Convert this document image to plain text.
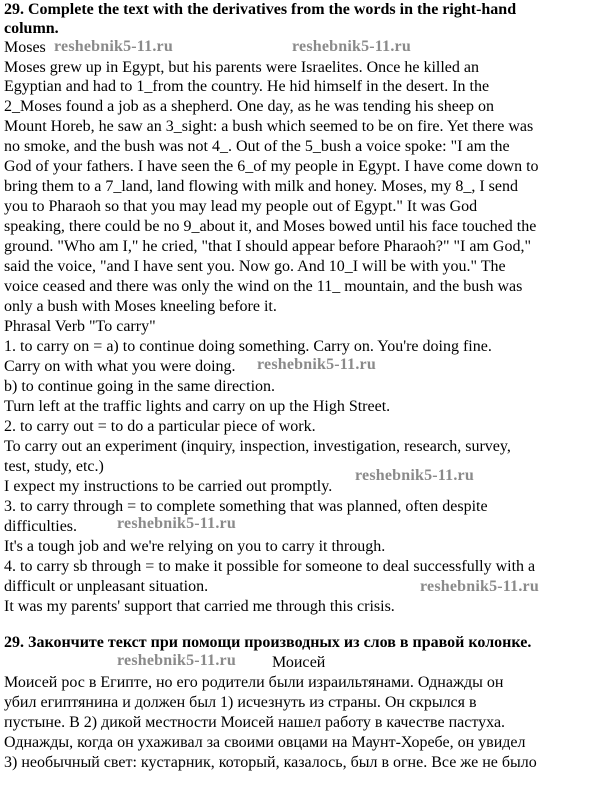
29. Complete the text with the derivatives from the words in the right-hand
column.
Moses
Moses grew up in Egypt, but his parents were Israelites. Once he killed an
Egyptian and had to 1_from the country. He hid himself in the desert. In the
2_Moses found a job as a shepherd. One day, as he was tending his sheep on
Mount Horeb, he saw an 3_sight: a bush which seemed to be on fire. Yet there was
no smoke, and the bush was not 4_. Out of the 5_bush a voice spoke: "I am the
God of your fathers. I have seen the 6_of my people in Egypt. I have come down to
bring them to a 7_land, land flowing with milk and honey. Moses, my 8_, I send
you to Pharaoh so that you may lead my people out of Egypt." It was God
speaking, there could be no 9_about it, and Moses bowed until his face touched the
ground. "Who am I," he cried, "that I should appear before Pharaoh?" "I am God,"
said the voice, "and I have sent you. Now go. And 10_I will be with you." The
voice ceased and there was only the wind on the 11_ mountain, and the bush was
only a bush with Moses kneeling before it.
Phrasal Verb "To carry"
1. to carry on = a) to continue doing something. Carry on. You're doing fine.
Carry on with what you were doing.
b) to continue going in the same direction.
Turn left at the traffic lights and carry on up the High Street.
2. to carry out = to do a particular piece of work.
To carry out an experiment (inquiry, inspection, investigation, research, survey,
test, study, etc.)
I expect my instructions to be carried out promptly.
3. to carry through = to complete something that was planned, often despite
difficulties.
It's a tough job and we're relying on you to carry it through.
4. to carry sb through = to make it possible for someone to deal successfully with a
difficult or unpleasant situation.
It was my parents' support that carried me through this crisis.
29. Закончите текст при помощи производных из слов в правой колонке.
Моисей
Моисей рос в Египте, но его родители были израильтянами. Однажды он
убил египтянина и должен был 1) исчезнуть из страны. Он скрылся в
пустыне. В 2) дикой местности Моисей нашел работу в качестве пастуха.
Однажды, когда он ухаживал за своими овцами на Маунт-Хоребе, он увидел
3) необычный свет: кустарник, который, казалось, был в огне. Все же не было
reshebnik5-11.ru	reshebnik5-11.ru
reshebnik5-11.ru
reshebnik5-11.ru
reshebnik5-11.ru
reshebnik5-11.ru
reshebnik5-11.ru
